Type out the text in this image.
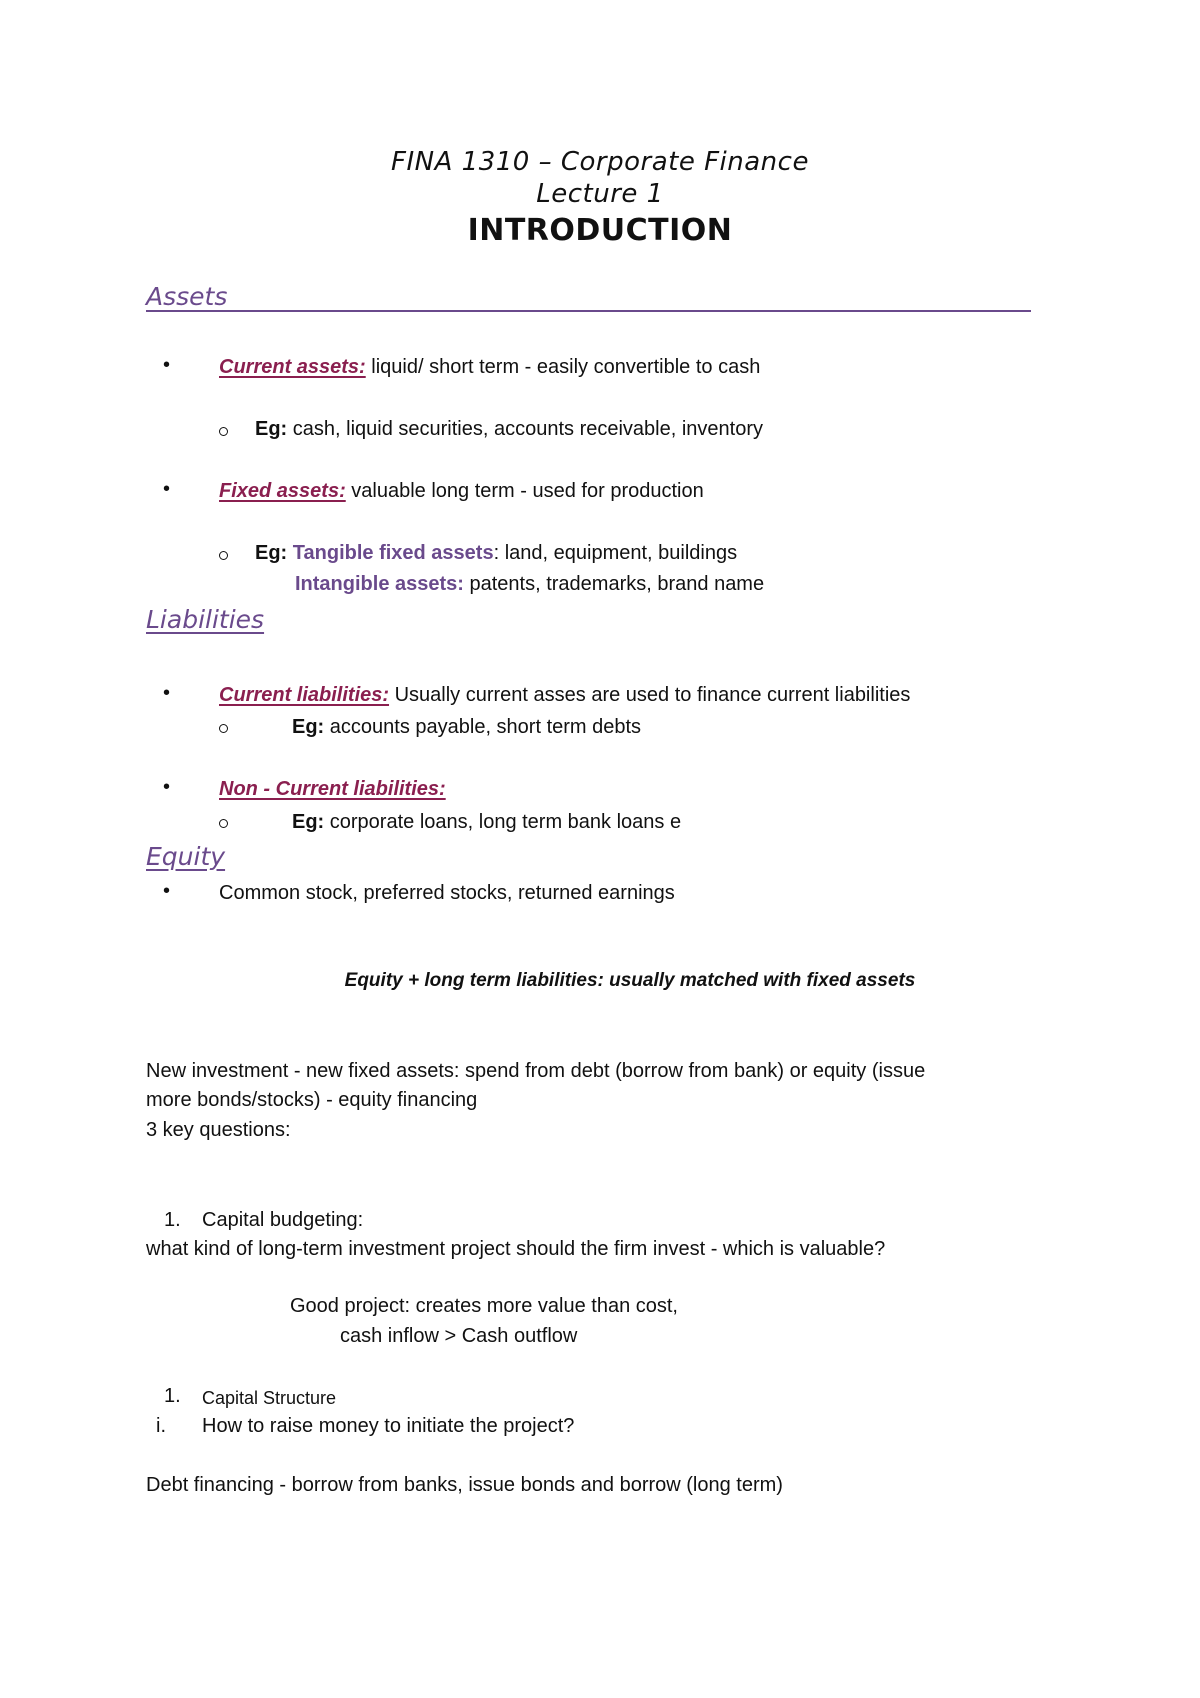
FINA 1310 – Corporate Finance
Lecture 1
INTRODUCTION
Assets
• Current assets: liquid/ short term - easily convertible to cash
Eg: cash, liquid securities, accounts receivable, inventory
• Fixed assets: valuable long term - used for production
Eg: Tangible fixed assets: land, equipment, buildings
Intangible assets: patents, trademarks, brand name
Liabilities
• Current liabilities: Usually current asses are used to finance current liabilities
Eg: accounts payable, short term debts
• Non - Current liabilities:
Eg: corporate loans, long term bank loans e
Equity
• Common stock, preferred stocks, returned earnings
Equity + long term liabilities: usually matched with fixed assets
New investment - new fixed assets: spend from debt (borrow from bank) or equity (issue
more bonds/stocks) - equity financing
3 key questions:
1. Capital budgeting:
what kind of long-term investment project should the firm invest - which is valuable?
Good project: creates more value than cost,
cash inflow > Cash outflow
1. Capital Structure
i. How to raise money to initiate the project?
Debt financing - borrow from banks, issue bonds and borrow (long term)
